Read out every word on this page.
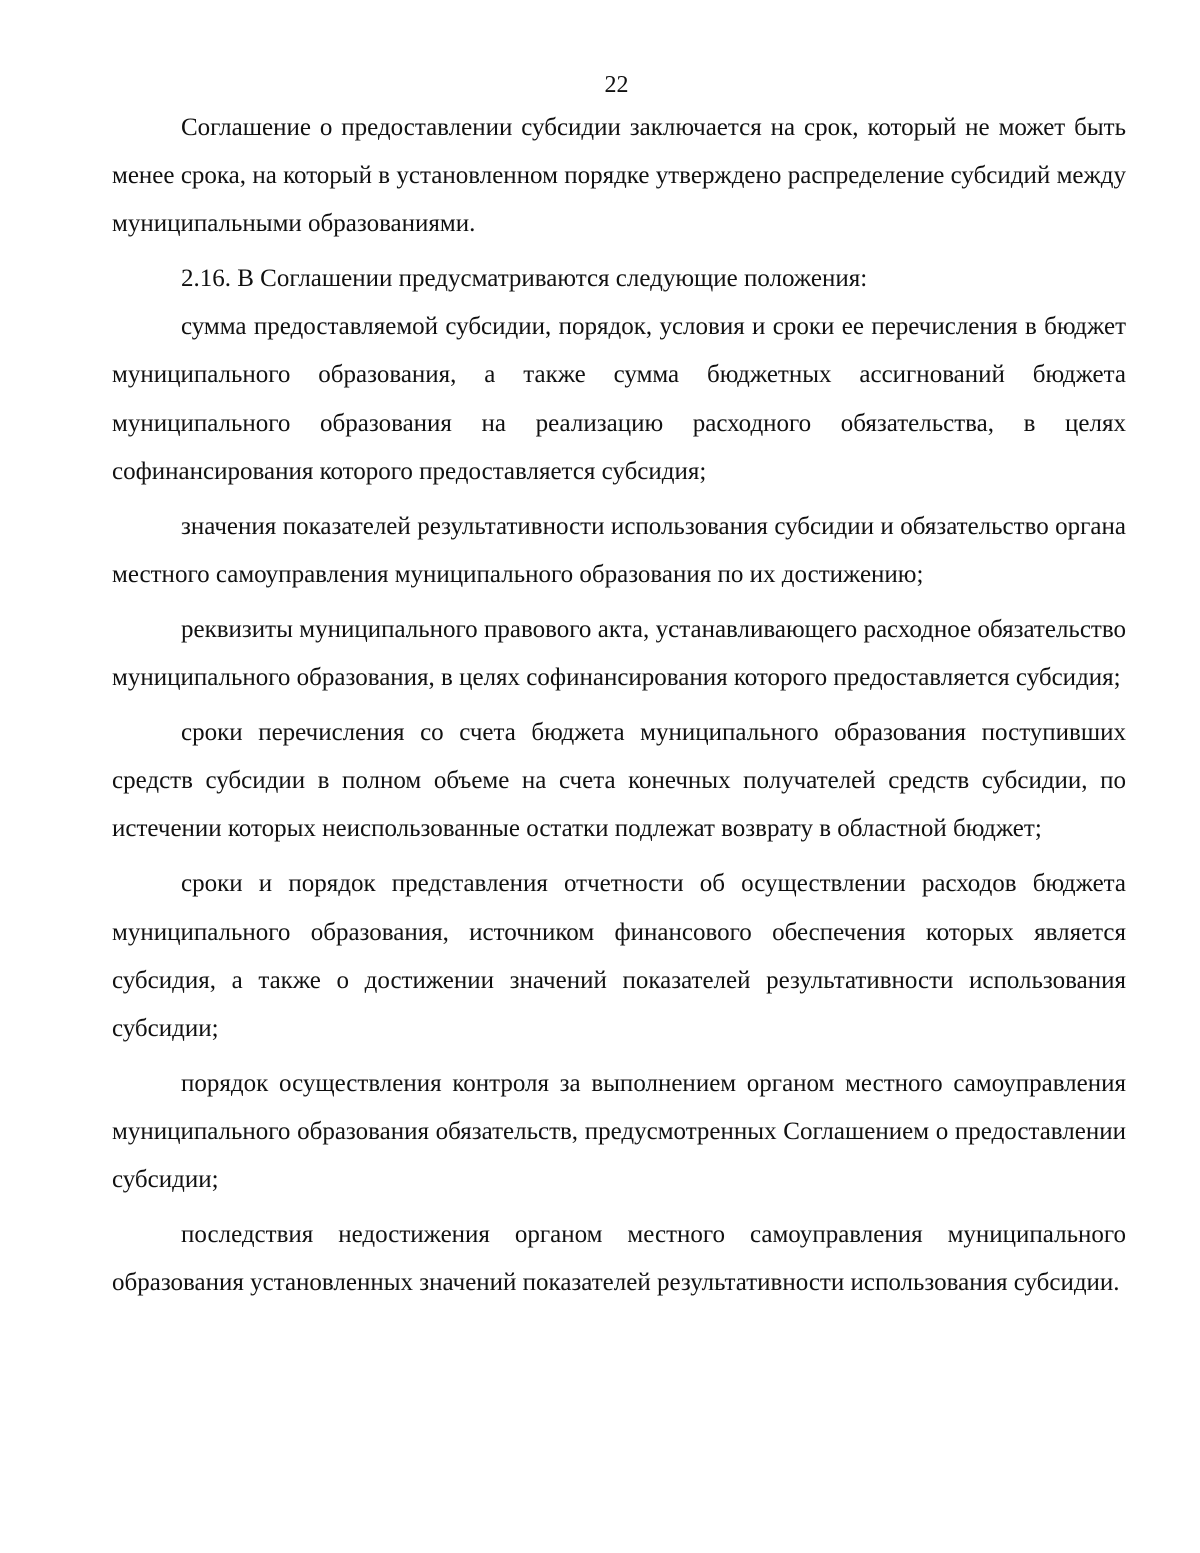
22

Соглашение о предоставлении субсидии заключается на срок, который не может быть менее срока, на который в установленном порядке утверждено распределение субсидий между муниципальными образованиями.

2.16. В Соглашении предусматриваются следующие положения:

сумма предоставляемой субсидии, порядок, условия и сроки ее перечисления в бюджет муниципального образования, а также сумма бюджетных ассигнований бюджета муниципального образования на реализацию расходного обязательства, в целях софинансирования которого предоставляется субсидия;

значения показателей результативности использования субсидии и обязательство органа местного самоуправления муниципального образования по их достижению;

реквизиты муниципального правового акта, устанавливающего расходное обязательство муниципального образования, в целях софинансирования которого предоставляется субсидия;

сроки перечисления со счета бюджета муниципального образования поступивших средств субсидии в полном объеме на счета конечных получателей средств субсидии, по истечении которых неиспользованные остатки подлежат возврату в областной бюджет;

сроки и порядок представления отчетности об осуществлении расходов бюджета муниципального образования, источником финансового обеспечения которых является субсидия, а также о достижении значений показателей результативности использования субсидии;

порядок осуществления контроля за выполнением органом местного самоуправления муниципального образования обязательств, предусмотренных Соглашением о предоставлении субсидии;

последствия недостижения органом местного самоуправления муниципального образования установленных значений показателей результативности использования субсидии.
